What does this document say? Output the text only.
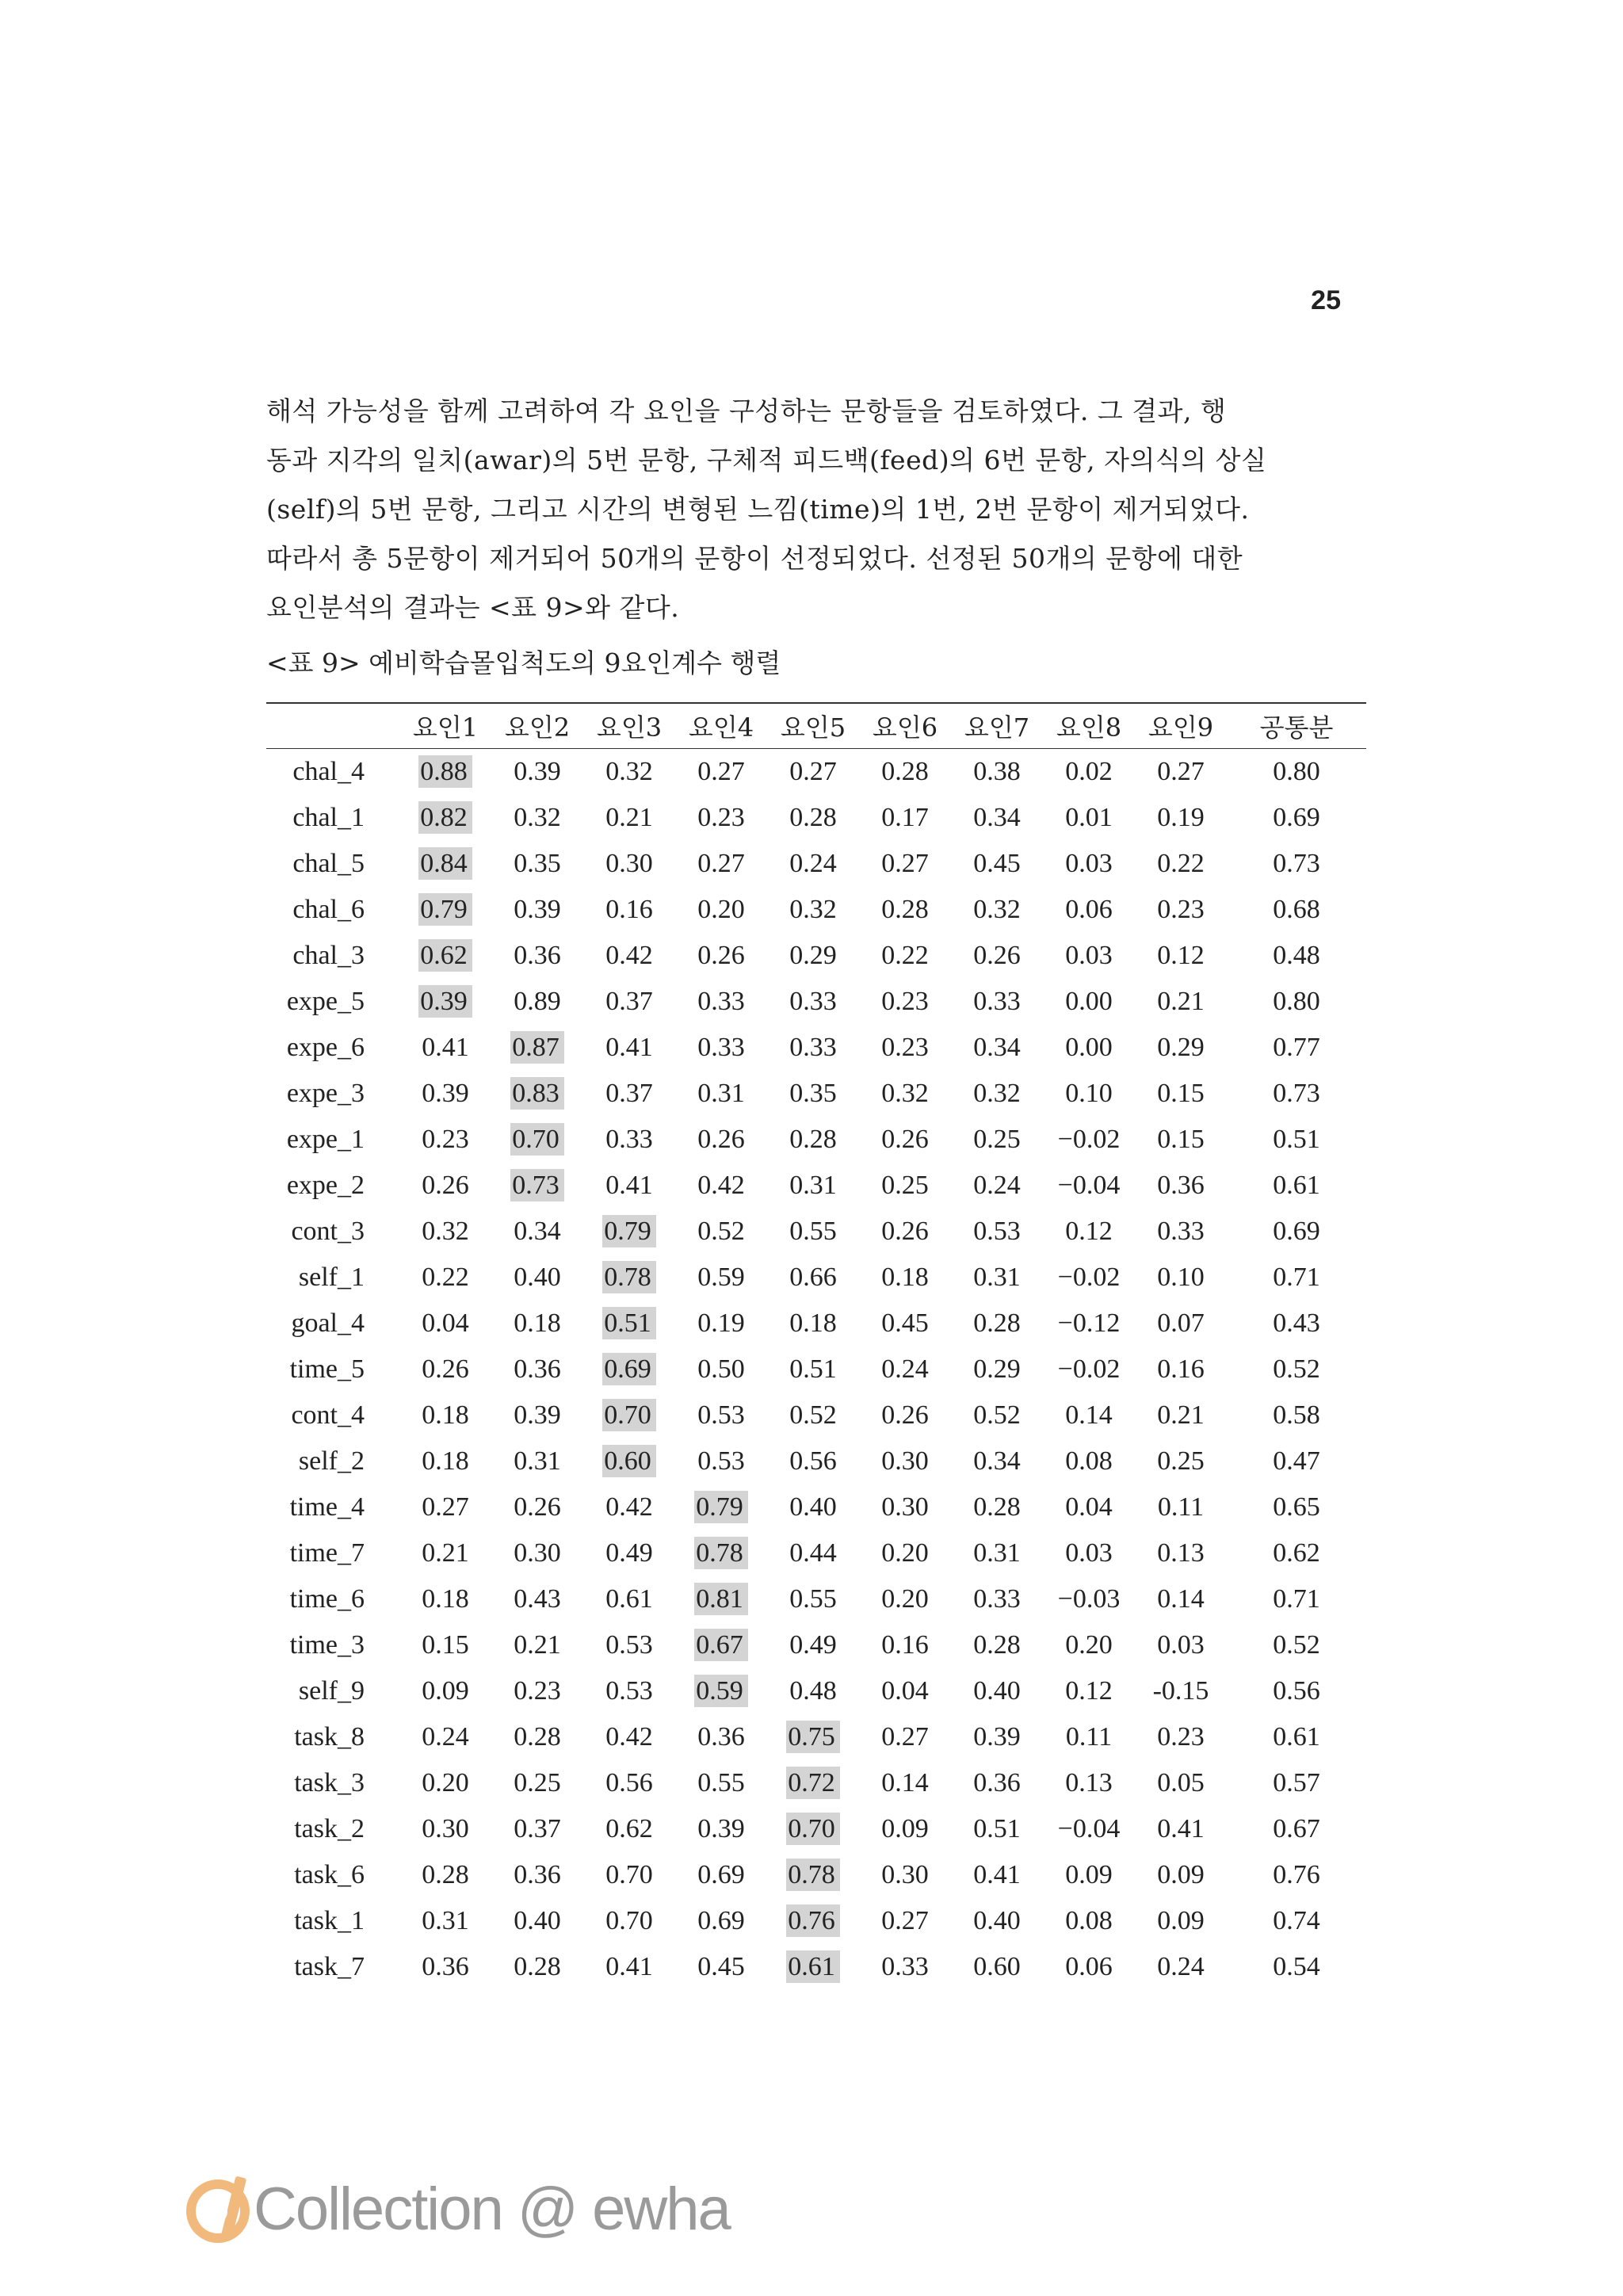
25
해석 가능성을 함께 고려하여 각 요인을 구성하는 문항들을 검토하였다. 그 결과, 행
동과 지각의 일치(awar)의 5번 문항, 구체적 피드백(feed)의 6번 문항, 자의식의 상실
(self)의 5번 문항, 그리고 시간의 변형된 느낌(time)의 1번, 2번 문항이 제거되었다.
따라서 총 5문항이 제거되어 50개의 문항이 선정되었다. 선정된 50개의 문항에 대한
요인분석의 결과는 <표 9>와 같다.
<표 9> 예비학습몰입척도의 9요인계수 행렬
	요인1	요인2	요인3	요인4	요인5	요인6	요인7	요인8	요인9	공통분
chal_4	0.88	0.39	0.32	0.27	0.27	0.28	0.38	0.02	0.27	0.80
chal_1	0.82	0.32	0.21	0.23	0.28	0.17	0.34	0.01	0.19	0.69
chal_5	0.84	0.35	0.30	0.27	0.24	0.27	0.45	0.03	0.22	0.73
chal_6	0.79	0.39	0.16	0.20	0.32	0.28	0.32	0.06	0.23	0.68
chal_3	0.62	0.36	0.42	0.26	0.29	0.22	0.26	0.03	0.12	0.48
expe_5	0.39	0.89	0.37	0.33	0.33	0.23	0.33	0.00	0.21	0.80
expe_6	0.41	0.87	0.41	0.33	0.33	0.23	0.34	0.00	0.29	0.77
expe_3	0.39	0.83	0.37	0.31	0.35	0.32	0.32	0.10	0.15	0.73
expe_1	0.23	0.70	0.33	0.26	0.28	0.26	0.25	−0.02	0.15	0.51
expe_2	0.26	0.73	0.41	0.42	0.31	0.25	0.24	−0.04	0.36	0.61
cont_3	0.32	0.34	0.79	0.52	0.55	0.26	0.53	0.12	0.33	0.69
self_1	0.22	0.40	0.78	0.59	0.66	0.18	0.31	−0.02	0.10	0.71
goal_4	0.04	0.18	0.51	0.19	0.18	0.45	0.28	−0.12	0.07	0.43
time_5	0.26	0.36	0.69	0.50	0.51	0.24	0.29	−0.02	0.16	0.52
cont_4	0.18	0.39	0.70	0.53	0.52	0.26	0.52	0.14	0.21	0.58
self_2	0.18	0.31	0.60	0.53	0.56	0.30	0.34	0.08	0.25	0.47
time_4	0.27	0.26	0.42	0.79	0.40	0.30	0.28	0.04	0.11	0.65
time_7	0.21	0.30	0.49	0.78	0.44	0.20	0.31	0.03	0.13	0.62
time_6	0.18	0.43	0.61	0.81	0.55	0.20	0.33	−0.03	0.14	0.71
time_3	0.15	0.21	0.53	0.67	0.49	0.16	0.28	0.20	0.03	0.52
self_9	0.09	0.23	0.53	0.59	0.48	0.04	0.40	0.12	-0.15	0.56
task_8	0.24	0.28	0.42	0.36	0.75	0.27	0.39	0.11	0.23	0.61
task_3	0.20	0.25	0.56	0.55	0.72	0.14	0.36	0.13	0.05	0.57
task_2	0.30	0.37	0.62	0.39	0.70	0.09	0.51	−0.04	0.41	0.67
task_6	0.28	0.36	0.70	0.69	0.78	0.30	0.41	0.09	0.09	0.76
task_1	0.31	0.40	0.70	0.69	0.76	0.27	0.40	0.08	0.09	0.74
task_7	0.36	0.28	0.41	0.45	0.61	0.33	0.60	0.06	0.24	0.54
Collection @ ewha
